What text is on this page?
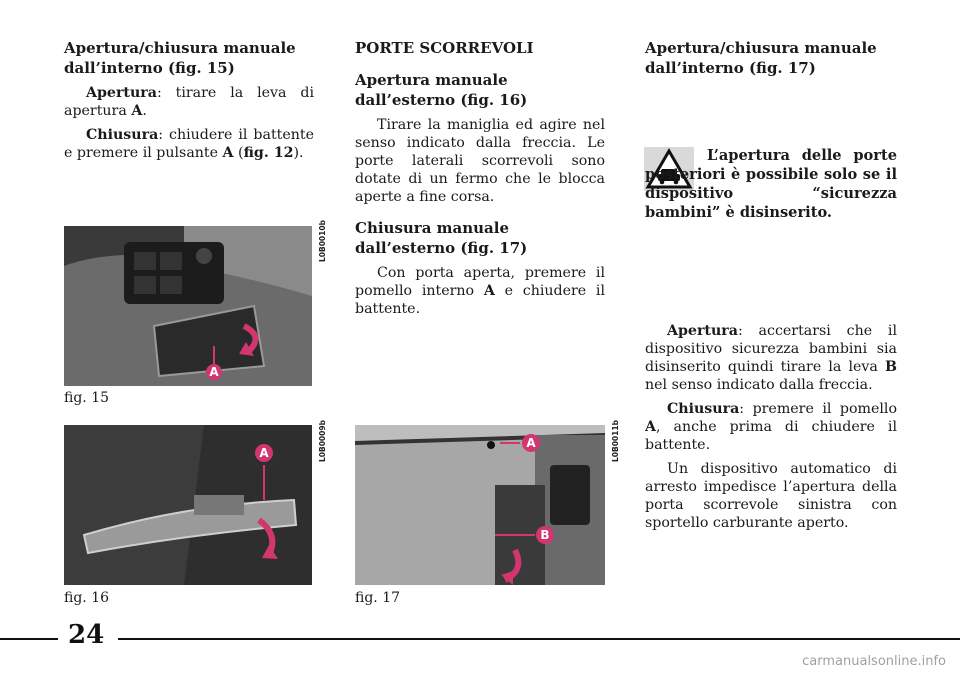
Apertura/chiusura manuale dall’interno (fig. 15)

Apertura: tirare la leva di apertura A.

Chiusura: chiudere il battente e premere il pulsante A (fig. 12).

PORTE SCORREVOLI

Apertura manuale dall’esterno (fig. 16)

Tirare la maniglia ed agire nel senso indicato dalla freccia. Le porte laterali scorrevoli sono dotate di un fermo che le blocca aperte a fine corsa.

Chiusura manuale dall’esterno (fig. 17)

Con porta aperta, premere il pomello interno A e chiudere il battente.

Apertura/chiusura manuale dall’interno (fig. 17)

L’apertura delle porte posteriori è possibile solo se il dispositivo “sicurezza bambini” è disinserito.

Apertura: accertarsi che il dispositivo sicurezza bambini sia disinserito quindi tirare la leva B nel senso indicato dalla freccia.

Chiusura: premere il pomello A, anche prima di chiudere il battente.

Un dispositivo automatico di arresto impedisce l’apertura della porta scorrevole sinistra con sportello carburante aperto.

L0B0010b
A
fig. 15
L0B0009b
A
fig. 16
L0B0011b
A
B
fig. 17
24
carmanualsonline.info
